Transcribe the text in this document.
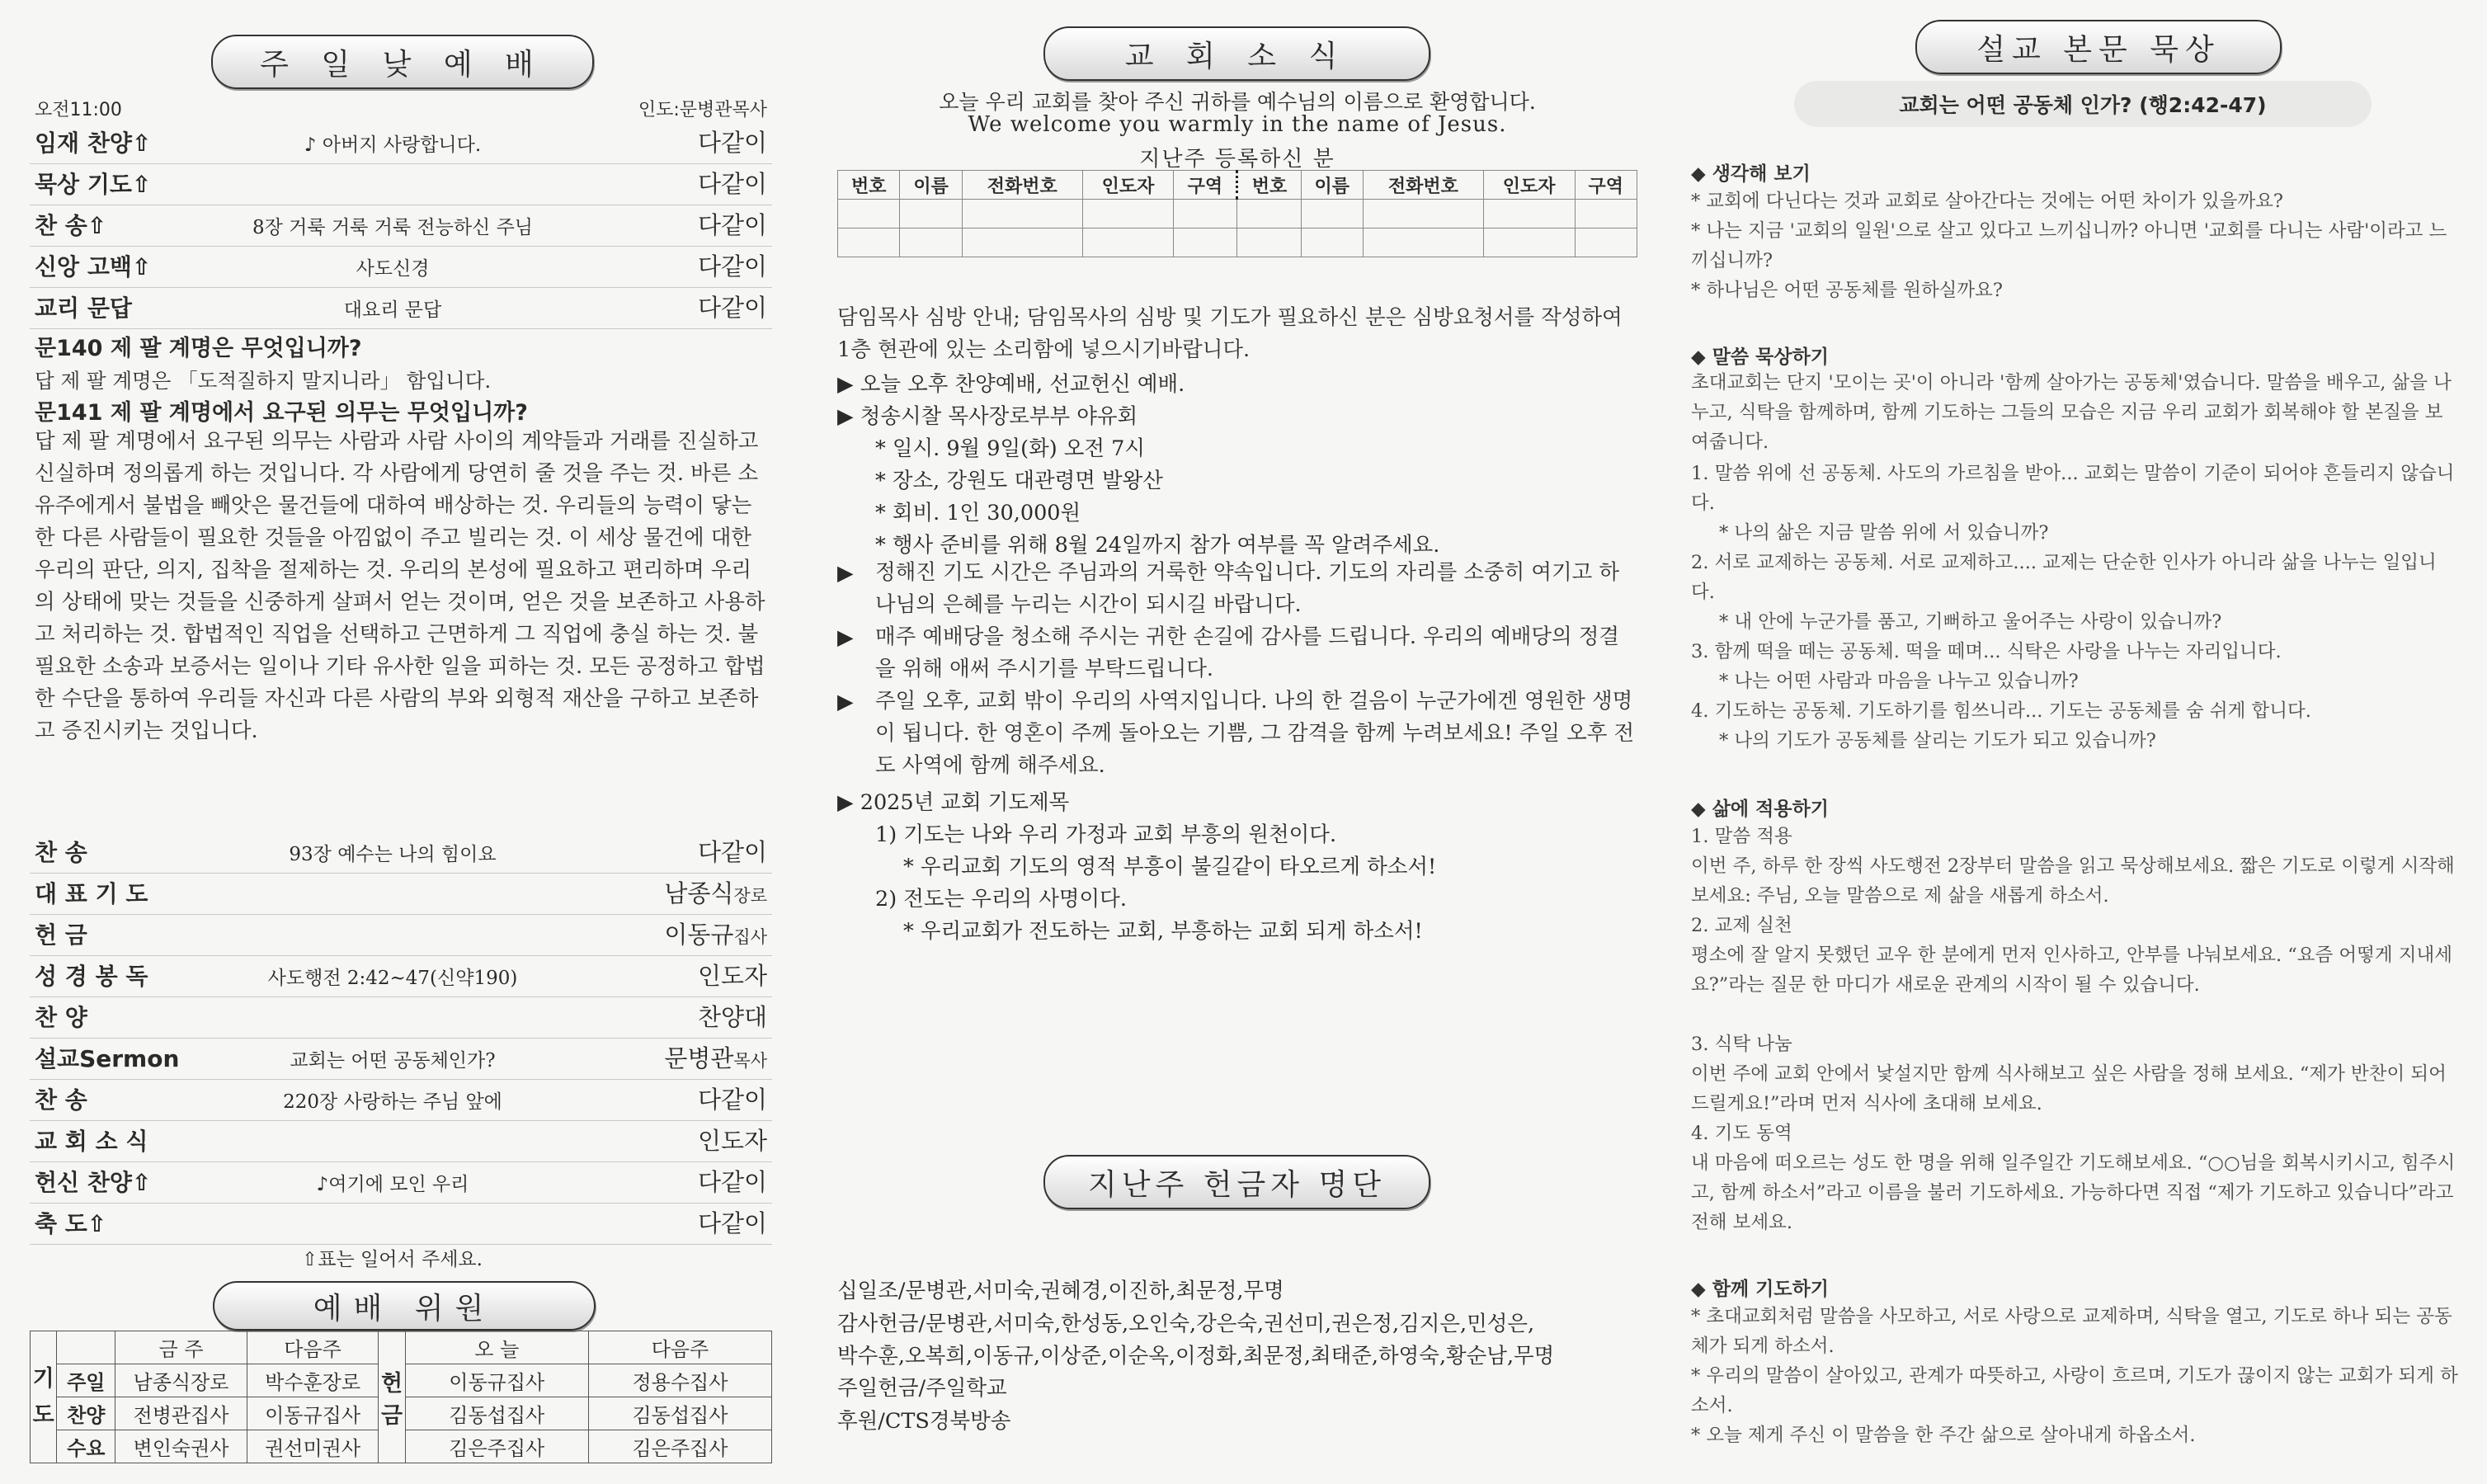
주 일 낮 예 배
오전11:00	인도:문병관목사
임재 찬양⇧	♪ 아버지 사랑합니다.	다같이
묵상 기도⇧	다같이
찬 송⇧	8장 거룩 거룩 거룩 전능하신 주님	다같이
신앙 고백⇧	사도신경	다같이
교리 문답	대요리 문답	다같이
문140 제 팔 계명은 무엇입니까?
답 제 팔 계명은 「도적질하지 말지니라」 함입니다.
문141 제 팔 계명에서 요구된 의무는 무엇입니까?
답 제 팔 계명에서 요구된 의무는 사람과 사람 사이의 계약들과 거래를 진실하고 신실하며 정의롭게 하는 것입니다. 각 사람에게 당연히 줄 것을 주는 것. 바른 소유주에게서 불법을 빼앗은 물건들에 대하여 배상하는 것. 우리들의 능력이 닿는 한 다른 사람들이 필요한 것들을 아낌없이 주고 빌리는 것. 이 세상 물건에 대한 우리의 판단, 의지, 집착을 절제하는 것. 우리의 본성에 필요하고 편리하며 우리의 상태에 맞는 것들을 신중하게 살펴서 얻는 것이며, 얻은 것을 보존하고 사용하고 처리하는 것. 합법적인 직업을 선택하고 근면하게 그 직업에 충실 하는 것. 불필요한 소송과 보증서는 일이나 기타 유사한 일을 피하는 것. 모든 공정하고 합법한 수단을 통하여 우리들 자신과 다른 사람의 부와 외형적 재산을 구하고 보존하고 증진시키는 것입니다.
찬 송	93장 예수는 나의 힘이요	다같이
대 표 기 도	남종식장로
헌 금	이동규집사
성 경 봉 독	사도행전 2:42~47(신약190)	인도자
찬 양	찬양대
설교Sermon	교회는 어떤 공동체인가?	문병관목사
찬 송	220장 사랑하는 주님 앞에	다같이
교 회 소 식	인도자
헌신 찬양⇧	♪여기에 모인 우리	다같이
축 도⇧	다같이
⇧표는 일어서 주세요.
예배 위원
기도		금 주	다음주	헌금	오 늘	다음주
	주일	남종식장로	박수훈장로		이동규집사	정용수집사
	찬양	전병관집사	이동규집사		김동섭집사	김동섭집사
	수요	변인숙권사	권선미권사		김은주집사	김은주집사
교 회 소 식
오늘 우리 교회를 찾아 주신 귀하를 예수님의 이름으로 환영합니다.
We welcome you warmly in the name of Jesus.
지난주 등록하신 분
번호	이름	전화번호	인도자	구역	번호	이름	전화번호	인도자	구역

담임목사 심방 안내; 담임목사의 심방 및 기도가 필요하신 분은 심방요청서를 작성하여 1층 현관에 있는 소리함에 넣으시기바랍니다.
▶ 오늘 오후 찬양예배, 선교헌신 예배.
▶ 청송시찰 목사장로부부 야유회
* 일시. 9월 9일(화) 오전 7시
* 장소, 강원도 대관령면 발왕산
* 회비. 1인 30,000원
* 행사 준비를 위해 8월 24일까지 참가 여부를 꼭 알려주세요.
▶ 정해진 기도 시간은 주님과의 거룩한 약속입니다. 기도의 자리를 소중히 여기고 하나님의 은혜를 누리는 시간이 되시길 바랍니다.
▶ 매주 예배당을 청소해 주시는 귀한 손길에 감사를 드립니다. 우리의 예배당의 정결을 위해 애써 주시기를 부탁드립니다.
▶ 주일 오후, 교회 밖이 우리의 사역지입니다. 나의 한 걸음이 누군가에겐 영원한 생명이 됩니다. 한 영혼이 주께 돌아오는 기쁨, 그 감격을 함께 누려보세요! 주일 오후 전도 사역에 함께 해주세요.
▶ 2025년 교회 기도제목
1) 기도는 나와 우리 가정과 교회 부흥의 원천이다.
* 우리교회 기도의 영적 부흥이 불길같이 타오르게 하소서!
2) 전도는 우리의 사명이다.
* 우리교회가 전도하는 교회, 부흥하는 교회 되게 하소서!
지난주 헌금자 명단
십일조/문병관,서미숙,권혜경,이진하,최문정,무명
감사헌금/문병관,서미숙,한성동,오인숙,강은숙,권선미,권은정,김지은,민성은,
박수훈,오복희,이동규,이상준,이순옥,이정화,최문정,최태준,하영숙,황순남,무명
주일헌금/주일학교
후원/CTS경북방송
설교 본문 묵상
교회는 어떤 공동체 인가? (행2:42-47)
◆ 생각해 보기
* 교회에 다닌다는 것과 교회로 살아간다는 것에는 어떤 차이가 있을까요?
* 나는 지금 '교회의 일원'으로 살고 있다고 느끼십니까? 아니면 '교회를 다니는 사람'이라고 느끼십니까?
* 하나님은 어떤 공동체를 원하실까요?
◆ 말씀 묵상하기
초대교회는 단지 '모이는 곳'이 아니라 '함께 살아가는 공동체'였습니다. 말씀을 배우고, 삶을 나누고, 식탁을 함께하며, 함께 기도하는 그들의 모습은 지금 우리 교회가 회복해야 할 본질을 보여줍니다.
1. 말씀 위에 선 공동체. 사도의 가르침을 받아... 교회는 말씀이 기준이 되어야 흔들리지 않습니다.
* 나의 삶은 지금 말씀 위에 서 있습니까?
2. 서로 교제하는 공동체. 서로 교제하고.... 교제는 단순한 인사가 아니라 삶을 나누는 일입니다.
* 내 안에 누군가를 품고, 기뻐하고 울어주는 사랑이 있습니까?
3. 함께 떡을 떼는 공동체. 떡을 떼며... 식탁은 사랑을 나누는 자리입니다.
* 나는 어떤 사람과 마음을 나누고 있습니까?
4. 기도하는 공동체. 기도하기를 힘쓰니라... 기도는 공동체를 숨 쉬게 합니다.
* 나의 기도가 공동체를 살리는 기도가 되고 있습니까?
◆ 삶에 적용하기
1. 말씀 적용
이번 주, 하루 한 장씩 사도행전 2장부터 말씀을 읽고 묵상해보세요. 짧은 기도로 이렇게 시작해 보세요: 주님, 오늘 말씀으로 제 삶을 새롭게 하소서.
2. 교제 실천
평소에 잘 알지 못했던 교우 한 분에게 먼저 인사하고, 안부를 나눠보세요. “요즘 어떻게 지내세요?”라는 질문 한 마디가 새로운 관계의 시작이 될 수 있습니다.
3. 식탁 나눔
이번 주에 교회 안에서 낯설지만 함께 식사해보고 싶은 사람을 정해 보세요. “제가 반찬이 되어드릴게요!”라며 먼저 식사에 초대해 보세요.
4. 기도 동역
내 마음에 떠오르는 성도 한 명을 위해 일주일간 기도해보세요. “○○님을 회복시키시고, 힘주시고, 함께 하소서”라고 이름을 불러 기도하세요. 가능하다면 직접 “제가 기도하고 있습니다”라고 전해 보세요.
◆ 함께 기도하기
* 초대교회처럼 말씀을 사모하고, 서로 사랑으로 교제하며, 식탁을 열고, 기도로 하나 되는 공동체가 되게 하소서.
* 우리의 말씀이 살아있고, 관계가 따뜻하고, 사랑이 흐르며, 기도가 끊이지 않는 교회가 되게 하소서.
* 오늘 제게 주신 이 말씀을 한 주간 삶으로 살아내게 하옵소서.
